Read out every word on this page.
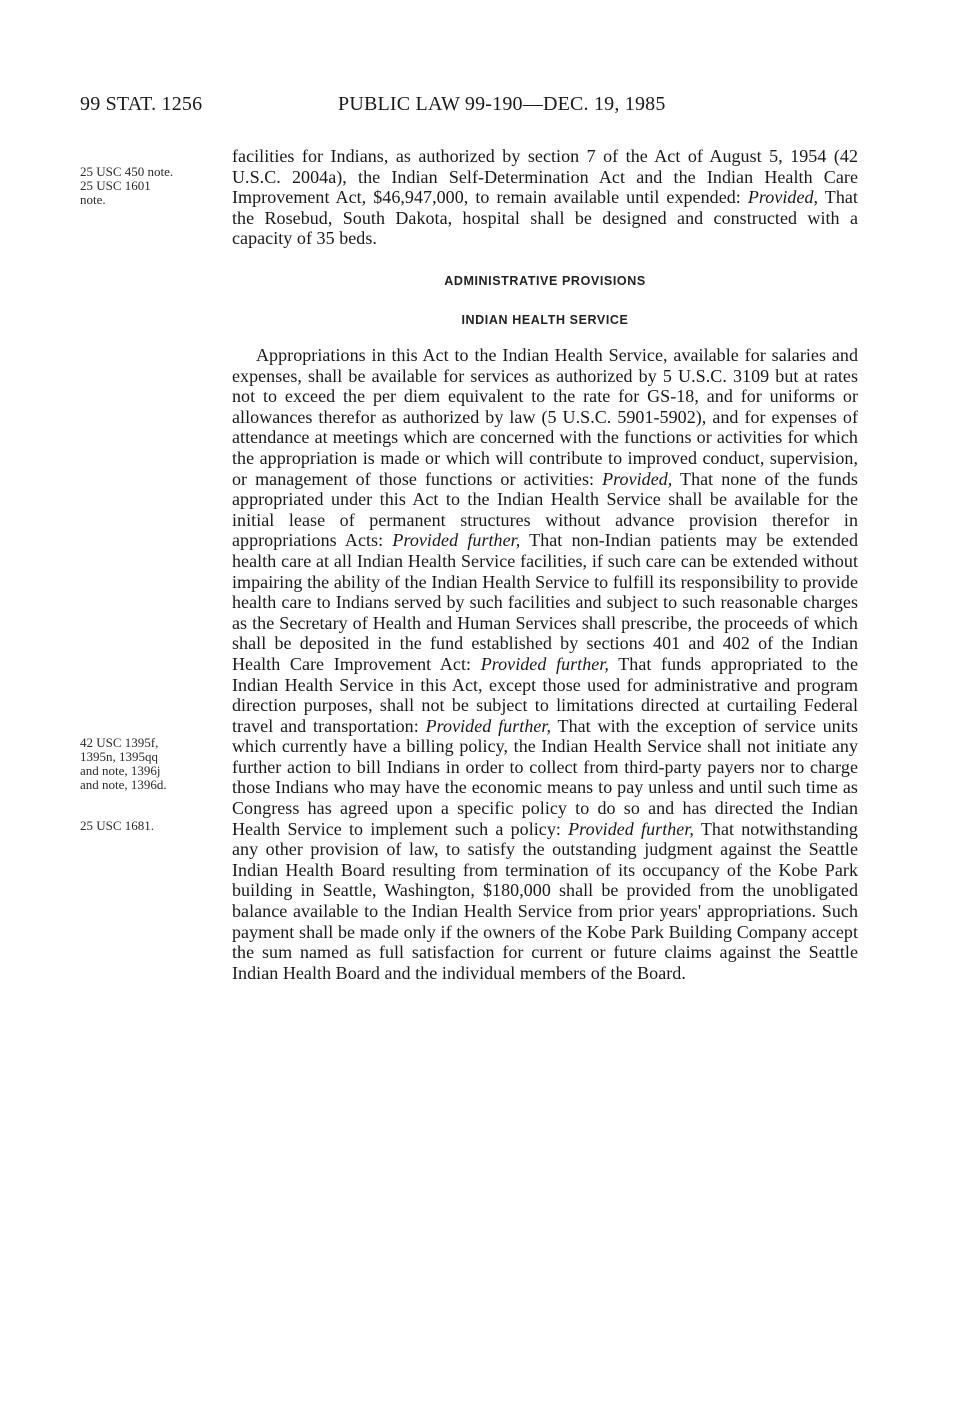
99 STAT. 1256	PUBLIC LAW 99-190—DEC. 19, 1985
25 USC 450 note.
25 USC 1601
note.
42 USC 1395f,
1395n, 1395qq
and note, 1396j
and note, 1396d.
25 USC 1681.

facilities for Indians, as authorized by section 7 of the Act of August 5, 1954 (42 U.S.C. 2004a), the Indian Self-Determination Act and the Indian Health Care Improvement Act, $46,947,000, to remain available until expended: Provided, That the Rosebud, South Dakota, hospital shall be designed and constructed with a capacity of 35 beds.

ADMINISTRATIVE PROVISIONS
INDIAN HEALTH SERVICE

Appropriations in this Act to the Indian Health Service, available for salaries and expenses, shall be available for services as authorized by 5 U.S.C. 3109 but at rates not to exceed the per diem equivalent to the rate for GS-18, and for uniforms or allowances therefor as authorized by law (5 U.S.C. 5901-5902), and for expenses of attendance at meetings which are concerned with the functions or activities for which the appropriation is made or which will contribute to improved conduct, supervision, or management of those functions or activities: Provided, That none of the funds appropriated under this Act to the Indian Health Service shall be available for the initial lease of permanent structures without advance provision therefor in appropriations Acts: Provided further, That non-Indian patients may be extended health care at all Indian Health Service facilities, if such care can be extended without impairing the ability of the Indian Health Service to fulfill its responsibility to provide health care to Indians served by such facilities and subject to such reasonable charges as the Secretary of Health and Human Services shall prescribe, the proceeds of which shall be deposited in the fund established by sections 401 and 402 of the Indian Health Care Improvement Act: Provided further, That funds appropriated to the Indian Health Service in this Act, except those used for administrative and program direction purposes, shall not be subject to limitations directed at curtailing Federal travel and transportation: Provided further, That with the exception of service units which currently have a billing policy, the Indian Health Service shall not initiate any further action to bill Indians in order to collect from third-party payers nor to charge those Indians who may have the economic means to pay unless and until such time as Congress has agreed upon a specific policy to do so and has directed the Indian Health Service to implement such a policy: Provided further, That notwithstanding any other provision of law, to satisfy the outstanding judgment against the Seattle Indian Health Board resulting from termination of its occupancy of the Kobe Park building in Seattle, Washington, $180,000 shall be provided from the unobligated balance available to the Indian Health Service from prior years' appropriations. Such payment shall be made only if the owners of the Kobe Park Building Company accept the sum named as full satisfaction for current or future claims against the Seattle Indian Health Board and the individual members of the Board.
